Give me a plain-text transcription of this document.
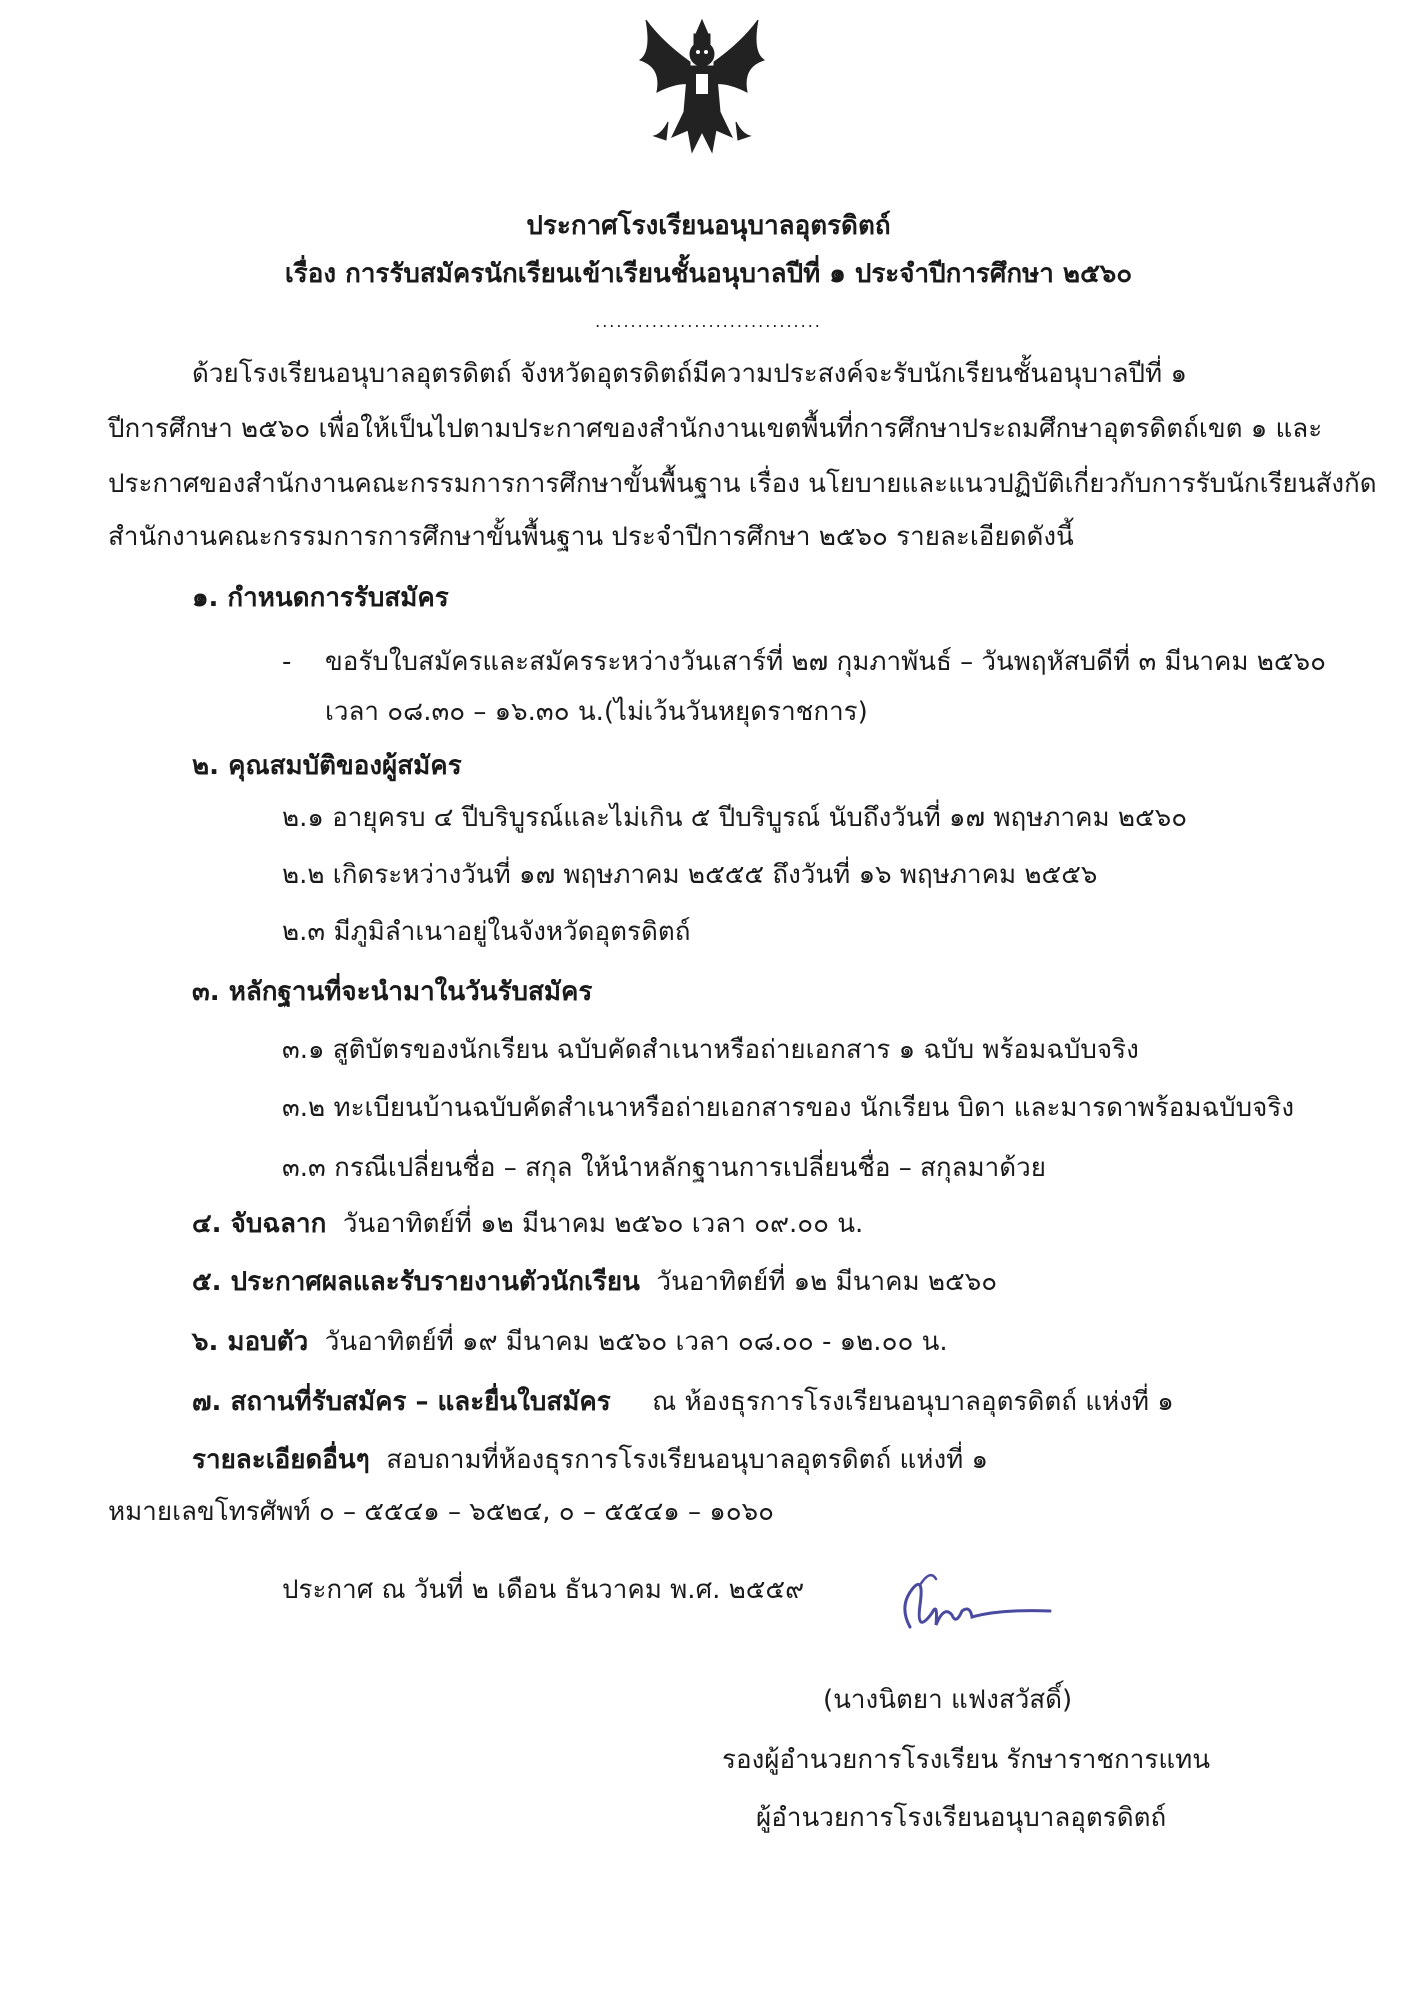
ประกาศโรงเรียนอนุบาลอุตรดิตถ์
เรื่อง การรับสมัครนักเรียนเข้าเรียนชั้นอนุบาลปีที่ ๑ ประจำปีการศึกษา ๒๕๖๐
................................
ด้วยโรงเรียนอนุบาลอุตรดิตถ์ จังหวัดอุตรดิตถ์มีความประสงค์จะรับนักเรียนชั้นอนุบาลปีที่ ๑
ปีการศึกษา ๒๕๖๐ เพื่อให้เป็นไปตามประกาศของสำนักงานเขตพื้นที่การศึกษาประถมศึกษาอุตรดิตถ์เขต ๑ และ
ประกาศของสำนักงานคณะกรรมการการศึกษาขั้นพื้นฐาน เรื่อง นโยบายและแนวปฏิบัติเกี่ยวกับการรับนักเรียนสังกัด
สำนักงานคณะกรรมการการศึกษาขั้นพื้นฐาน ประจำปีการศึกษา ๒๕๖๐ รายละเอียดดังนี้
๑. กำหนดการรับสมัคร
- ขอรับใบสมัครและสมัครระหว่างวันเสาร์ที่ ๒๗ กุมภาพันธ์ – วันพฤหัสบดีที่ ๓ มีนาคม ๒๕๖๐
เวลา ๐๘.๓๐ – ๑๖.๓๐ น.(ไม่เว้นวันหยุดราชการ)
๒. คุณสมบัติของผู้สมัคร
๒.๑ อายุครบ ๔ ปีบริบูรณ์และไม่เกิน ๕ ปีบริบูรณ์ นับถึงวันที่ ๑๗ พฤษภาคม ๒๕๖๐
๒.๒ เกิดระหว่างวันที่ ๑๗ พฤษภาคม ๒๕๕๕ ถึงวันที่ ๑๖ พฤษภาคม ๒๕๕๖
๒.๓ มีภูมิลำเนาอยู่ในจังหวัดอุตรดิตถ์
๓. หลักฐานที่จะนำมาในวันรับสมัคร
๓.๑ สูติบัตรของนักเรียน ฉบับคัดสำเนาหรือถ่ายเอกสาร ๑ ฉบับ พร้อมฉบับจริง
๓.๒ ทะเบียนบ้านฉบับคัดสำเนาหรือถ่ายเอกสารของ นักเรียน บิดา และมารดาพร้อมฉบับจริง
๓.๓ กรณีเปลี่ยนชื่อ – สกุล ให้นำหลักฐานการเปลี่ยนชื่อ – สกุลมาด้วย
๔. จับฉลาก วันอาทิตย์ที่ ๑๒ มีนาคม ๒๕๖๐ เวลา ๐๙.๐๐ น.
๕. ประกาศผลและรับรายงานตัวนักเรียน วันอาทิตย์ที่ ๑๒ มีนาคม ๒๕๖๐
๖. มอบตัว วันอาทิตย์ที่ ๑๙ มีนาคม ๒๕๖๐ เวลา ๐๘.๐๐ - ๑๒.๐๐ น.
๗. สถานที่รับสมัคร – และยื่นใบสมัคร ณ ห้องธุรการโรงเรียนอนุบาลอุตรดิตถ์ แห่งที่ ๑
รายละเอียดอื่นๆ สอบถามที่ห้องธุรการโรงเรียนอนุบาลอุตรดิตถ์ แห่งที่ ๑
หมายเลขโทรศัพท์ ๐ – ๕๕๔๑ – ๖๕๒๔, ๐ – ๕๕๔๑ – ๑๐๖๐
ประกาศ ณ วันที่ ๒ เดือน ธันวาคม พ.ศ. ๒๕๕๙
(นางนิตยา แฟงสวัสดิ์)
รองผู้อำนวยการโรงเรียน รักษาราชการแทน
ผู้อำนวยการโรงเรียนอนุบาลอุตรดิตถ์
